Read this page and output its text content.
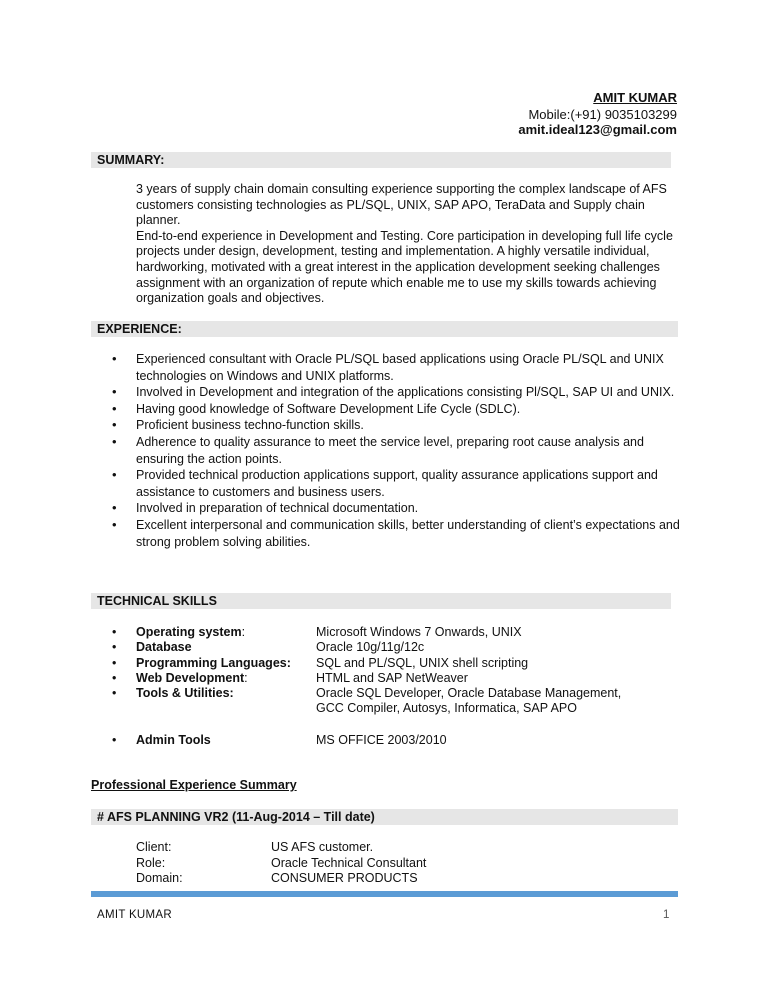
AMIT KUMAR
Mobile:(+91) 9035103299
amit.ideal123@gmail.com
SUMMARY:

3 years of supply chain domain consulting experience supporting the complex landscape of AFS customers consisting technologies as PL/SQL, UNIX, SAP APO, TeraData and Supply chain planner.

End-to-end experience in Development and Testing. Core participation in developing full life cycle projects under design, development, testing and implementation. A highly versatile individual, hardworking, motivated with a great interest in the application development seeking challenges assignment with an organization of repute which enable me to use my skills towards achieving organization goals and objectives.

EXPERIENCE:
• Experienced consultant with Oracle PL/SQL based applications using Oracle PL/SQL and UNIX technologies on Windows and UNIX platforms.
• Involved in Development and integration of the applications consisting Pl/SQL, SAP UI and UNIX.
• Having good knowledge of Software Development Life Cycle (SDLC).
• Proficient business techno-function skills.
• Adherence to quality assurance to meet the service level, preparing root cause analysis and ensuring the action points.
• Provided technical production applications support, quality assurance applications support and assistance to customers and business users.
• Involved in preparation of technical documentation.
• Excellent interpersonal and communication skills, better understanding of client’s expectations and strong problem solving abilities.
TECHNICAL SKILLS
• Operating system:	Microsoft Windows 7 Onwards, UNIX
• Database	Oracle 10g/11g/12c
• Programming Languages:	SQL and PL/SQL, UNIX shell scripting
• Web Development:	HTML and SAP NetWeaver
• Tools & Utilities:	Oracle SQL Developer, Oracle Database Management, GCC Compiler, Autosys, Informatica, SAP APO
• Admin Tools	MS OFFICE 2003/2010
Professional Experience Summary
# AFS PLANNING VR2 (11-Aug-2014 – Till date)
Client:	US AFS customer.
Role:	Oracle Technical Consultant
Domain:	CONSUMER PRODUCTS
AMIT KUMAR	1
